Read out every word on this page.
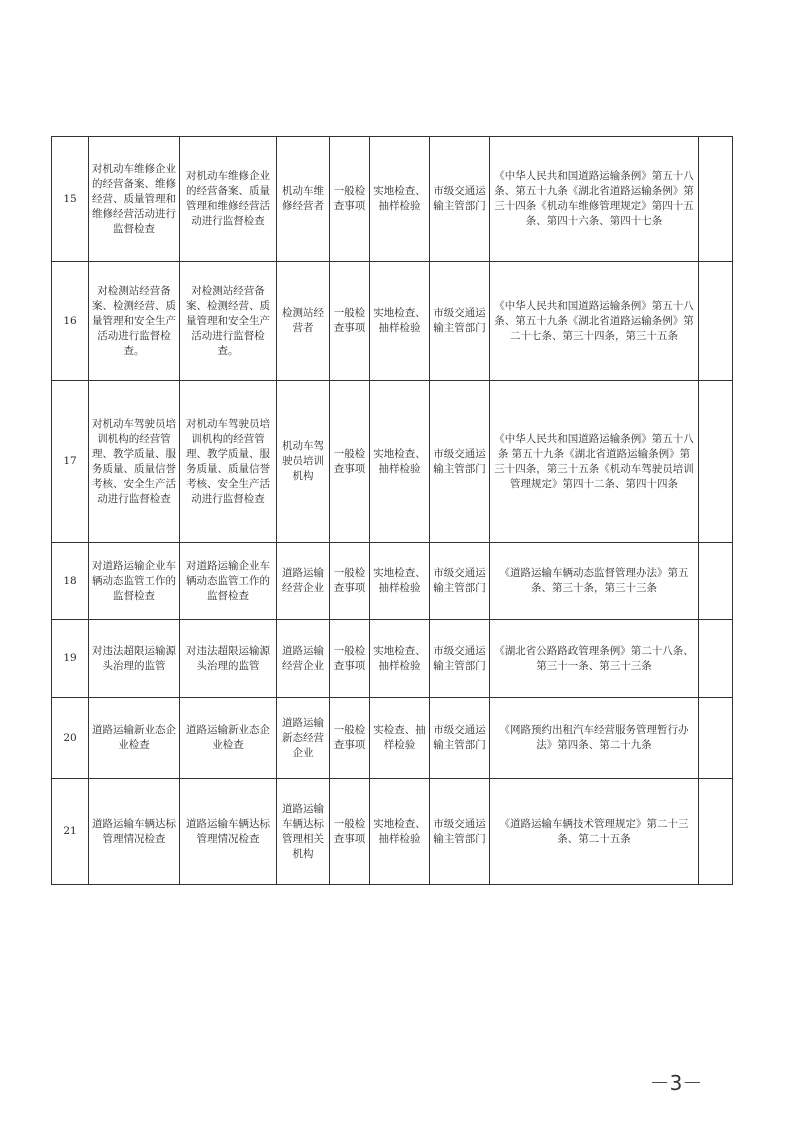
15	对机动车维修企业的经营备案、维修经营、质量管理和维修经营活动进行监督检查	对机动车维修企业的经营备案、质量管理和维修经营活动进行监督检查	机动车维修经营者	一般检查事项	实地检查、抽样检验	市级交通运输主管部门	《中华人民共和国道路运输条例》第五十八条、第五十九条《湖北省道路运输条例》第三十四条《机动车维修管理规定》第四十五条、第四十六条、第四十七条	
16	对检测站经营备案、检测经营、质量管理和安全生产活动进行监督检查。	对检测站经营备案、检测经营、质量管理和安全生产活动进行监督检查。	检测站经营者	一般检查事项	实地检查、抽样检验	市级交通运输主管部门	《中华人民共和国道路运输条例》第五十八条、第五十九条《湖北省道路运输条例》第二十七条、第三十四条，第三十五条	
17	对机动车驾驶员培训机构的经营管理、教学质量、服务质量、质量信誉考核、安全生产活动进行监督检查	对机动车驾驶员培训机构的经营管理、教学质量、服务质量、质量信誉考核、安全生产活动进行监督检查	机动车驾驶员培训机构	一般检查事项	实地检查、抽样检验	市级交通运输主管部门	《中华人民共和国道路运输条例》第五十八条 第五十九条《湖北省道路运输条例》第三十四条，第三十五条《机动车驾驶员培训管理规定》第四十二条、第四十四条	
18	对道路运输企业车辆动态监管工作的监督检查	对道路运输企业车辆动态监管工作的监督检查	道路运输经营企业	一般检查事项	实地检查、抽样检验	市级交通运输主管部门	《道路运输车辆动态监督管理办法》第五条、第三十条，第三十三条	
19	对违法超限运输源头治理的监管	对违法超限运输源头治理的监管	道路运输经营企业	一般检查事项	实地检查、抽样检验	市级交通运输主管部门	《湖北省公路路政管理条例》第二十八条、第三十一条、第三十三条	
20	道路运输新业态企业检查	道路运输新业态企业检查	道路运输新态经营企业	一般检查事项	实检查、抽样检验	市级交通运输主管部门	《网路预约出租汽车经营服务管理暂行办法》第四条、第二十九条	
21	道路运输车辆达标管理情况检查	道路运输车辆达标管理情况检查	道路运输车辆达标管理相关机构	一般检查事项	实地检查、抽样检验	市级交通运输主管部门	《道路运输车辆技术管理规定》第二十三条、第二十五条	
－3－
